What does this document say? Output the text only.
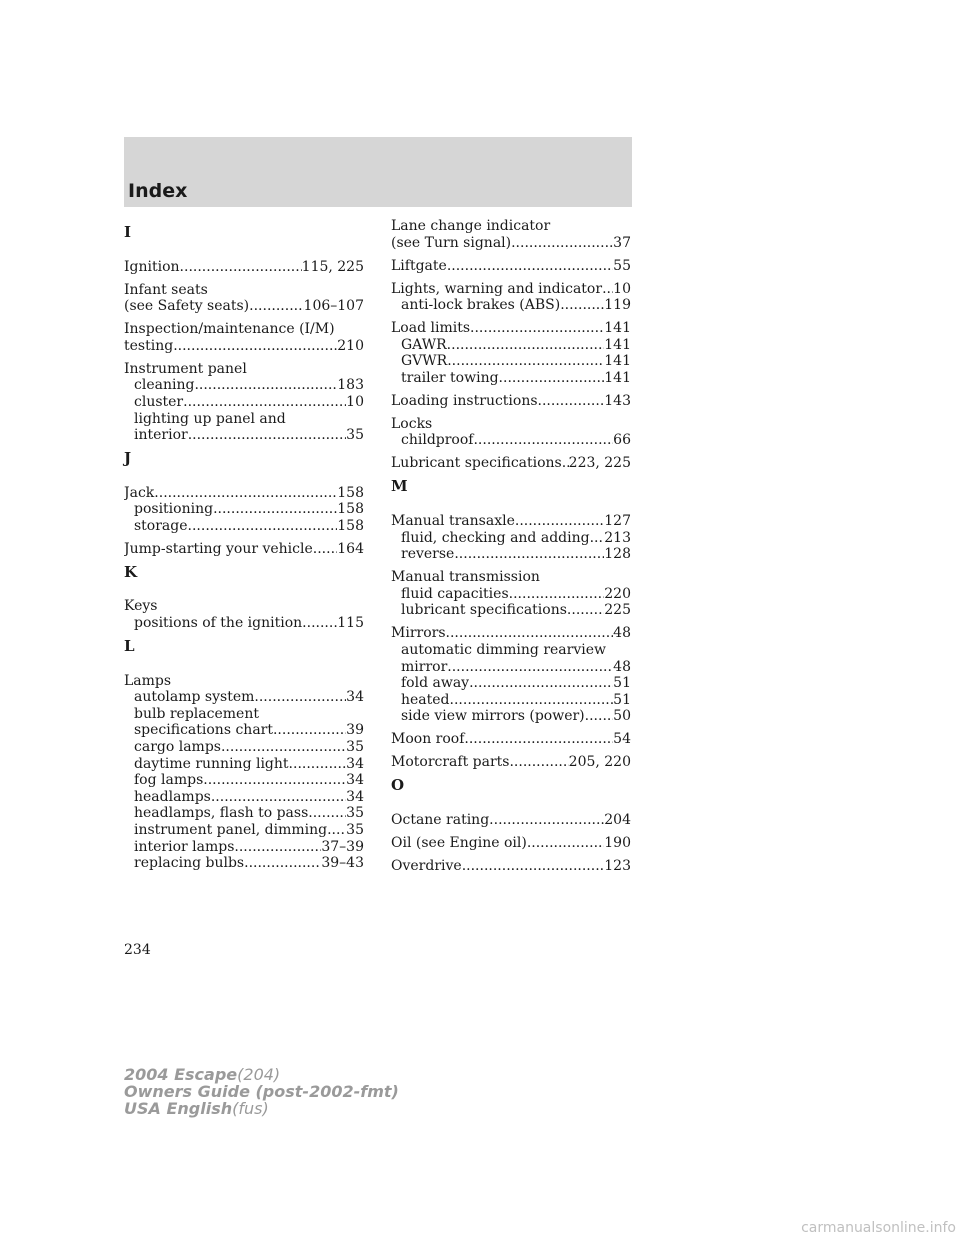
Index
I
Ignition .....	115, 225
Infant seats
(see Safety seats) .....	106–107
Inspection/maintenance (I/M)
testing .....	210
Instrument panel
cleaning .....	183
cluster .....	10
lighting up panel and
interior .....	35
J
Jack .....	158
positioning .....	158
storage .....	158
Jump-starting your vehicle ..... 164
K
Keys
positions of the ignition .....	115
L
Lamps
autolamp system .....	34
bulb replacement
specifications chart .....	39
cargo lamps .....	35
daytime running light .....	34
fog lamps .....	34
headlamps .....	34
headlamps, flash to pass .....	35
instrument panel, dimming ..... 35
interior lamps .....	37–39
replacing bulbs .....	39–43
Lane change indicator
(see Turn signal) .....	37
Liftgate .....	55
Lights, warning and indicator ..... 10
anti-lock brakes (ABS) .....	119
Load limits .....	141
GAWR .....	141
GVWR .....	141
trailer towing .....	141
Loading instructions .....	143
Locks
childproof .....	66
Lubricant specifications ..... 223, 225
M
Manual transaxle .....	127
fluid, checking and adding ..... 213
reverse .....	128
Manual transmission
fluid capacities .....	220
lubricant specifications .....	225
Mirrors .....	48
automatic dimming rearview
mirror .....	48
fold away .....	51
heated .....	51
side view mirrors (power) ..... 50
Moon roof .....	54
Motorcraft parts .....	205, 220
O
Octane rating .....	204
Oil (see Engine oil) .....	190
Overdrive .....	123
234
2004 Escape(204)
Owners Guide (post-2002-fmt)
USA English(fus)
carmanualsonline.info
